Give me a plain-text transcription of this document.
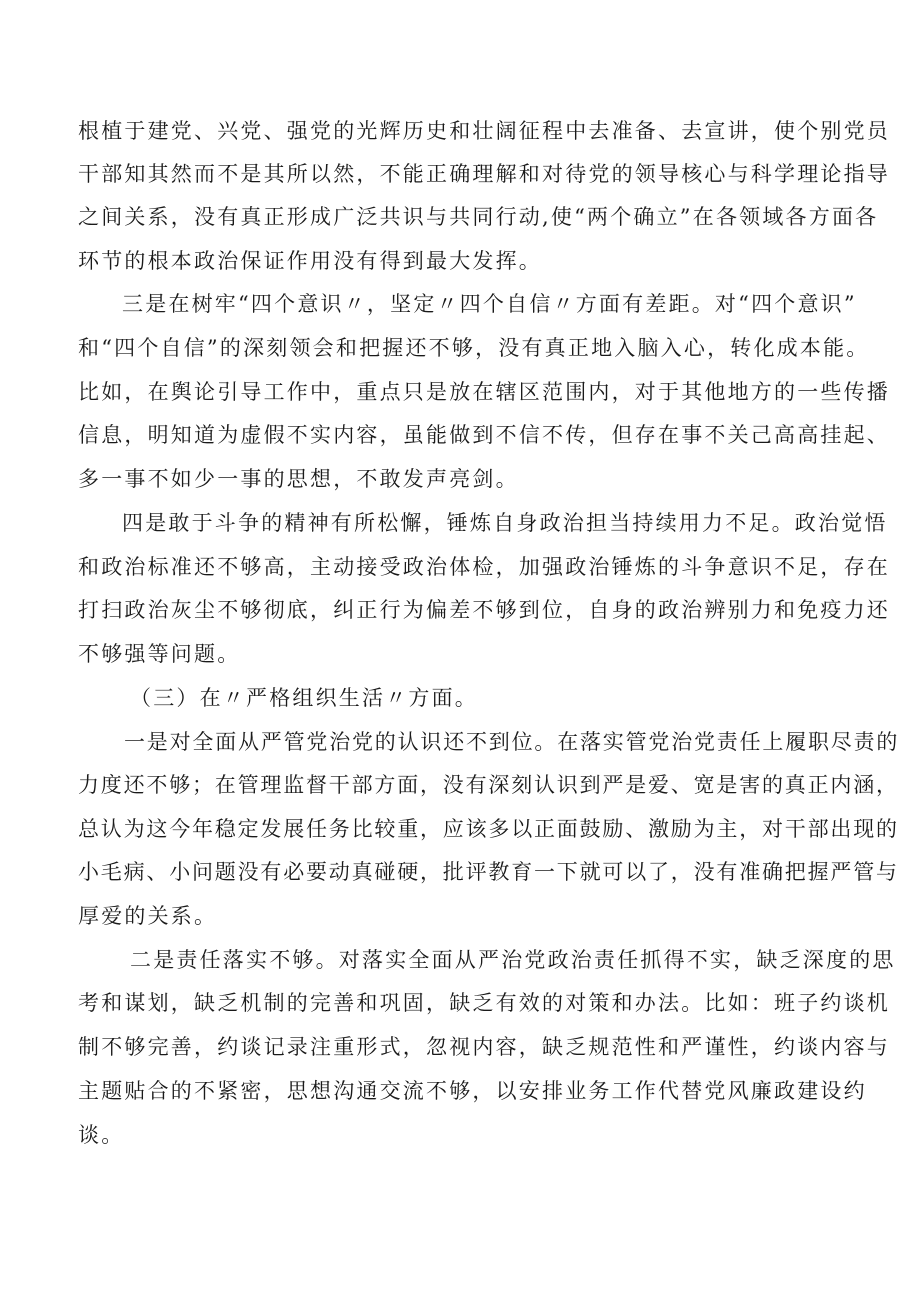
根植于建党、兴党、强党的光辉历史和壮阔征程中去准备、去宣讲，使个别党员
干部知其然而不是其所以然，不能正确理解和对待党的领导核心与科学理论指导
之间关系，没有真正形成广泛共识与共同行动,使“两个确立”在各领域各方面各
环节的根本政治保证作用没有得到最大发挥。
三是在树牢“四个意识〃，坚定〃四个自信〃方面有差距。对“四个意识”
和“四个自信”的深刻领会和把握还不够，没有真正地入脑入心，转化成本能。
比如，在舆论引导工作中，重点只是放在辖区范围内，对于其他地方的一些传播
信息，明知道为虚假不实内容，虽能做到不信不传，但存在事不关己高高挂起、
多一事不如少一事的思想，不敢发声亮剑。
四是敢于斗争的精神有所松懈，锤炼自身政治担当持续用力不足。政治觉悟
和政治标准还不够高，主动接受政治体检，加强政治锤炼的斗争意识不足，存在
打扫政治灰尘不够彻底，纠正行为偏差不够到位，自身的政治辨别力和免疫力还
不够强等问题。
（三）在〃严格组织生活〃方面。
一是对全面从严管党治党的认识还不到位。在落实管党治党责任上履职尽责的
力度还不够；在管理监督干部方面，没有深刻认识到严是爱、宽是害的真正内涵，
总认为这今年稳定发展任务比较重，应该多以正面鼓励、激励为主，对干部出现的
小毛病、小问题没有必要动真碰硬，批评教育一下就可以了，没有准确把握严管与
厚爱的关系。
二是责任落实不够。对落实全面从严治党政治责任抓得不实，缺乏深度的思
考和谋划，缺乏机制的完善和巩固，缺乏有效的对策和办法。比如：班子约谈机
制不够完善，约谈记录注重形式，忽视内容，缺乏规范性和严谨性，约谈内容与
主题贴合的不紧密，思想沟通交流不够，以安排业务工作代替党风廉政建设约
谈。
